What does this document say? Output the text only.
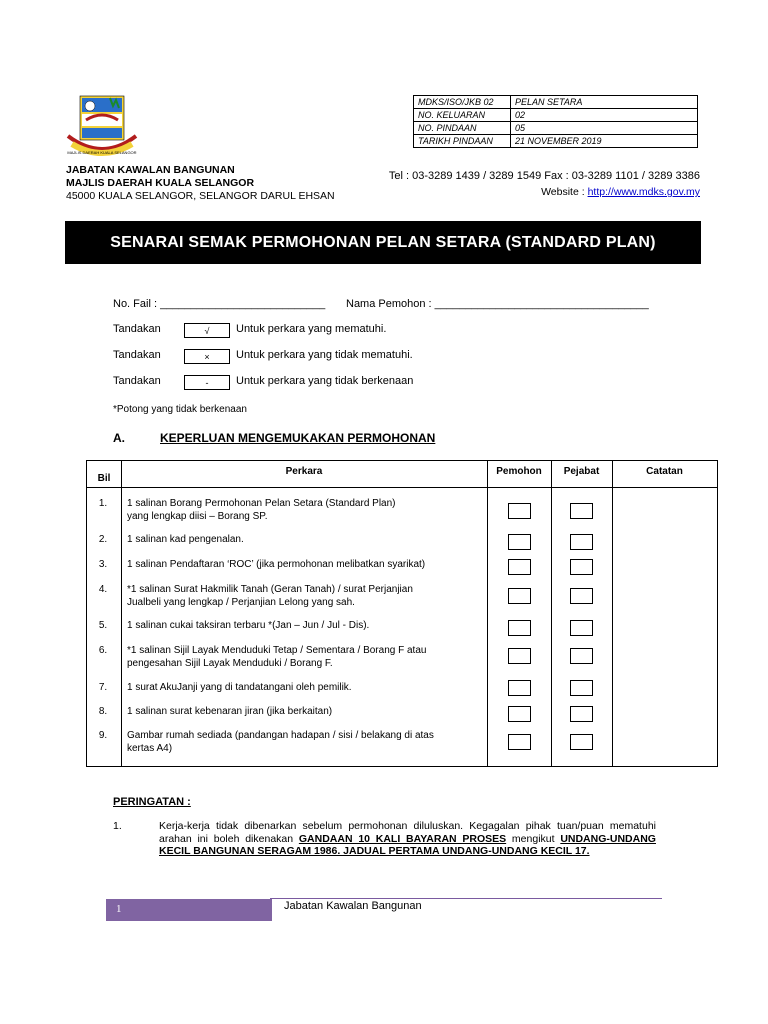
MAJLIS DAERAH KUALA SELANGOR
MDKS/ISO/JKB 02	PELAN SETARA
NO. KELUARAN	02
NO. PINDAAN	05
TARIKH PINDAAN	21 NOVEMBER 2019
JABATAN KAWALAN BANGUNAN
MAJLIS DAERAH KUALA SELANGOR
45000 KUALA SELANGOR, SELANGOR DARUL EHSAN
Tel : 03-3289 1439 / 3289 1549 Fax : 03-3289 1101 / 3289 3386
Website : http://www.mdks.gov.my
SENARAI SEMAK PERMOHONAN PELAN SETARA (STANDARD PLAN)
No. Fail : ___________________________ Nama Pemohon : ___________________________________
Tandakan	√ Untuk perkara yang mematuhi.
Tandakan	× Untuk perkara yang tidak mematuhi.
Tandakan	-	Untuk perkara yang tidak berkenaan
*Potong yang tidak berkenaan
A.	KEPERLUAN MENGEMUKAKAN PERMOHONAN
Bil
Perkara	Pemohon	Pejabat	Catatan
1.	1 salinan Borang Permohonan Pelan Setara (Standard Plan)
yang lengkap diisi – Borang SP.
2.	1 salinan kad pengenalan.
3.	1 salinan Pendaftaran ‘ROC’ (jika permohonan melibatkan syarikat)
4.	*1 salinan Surat Hakmilik Tanah (Geran Tanah) / surat Perjanjian
Jualbeli yang lengkap / Perjanjian Lelong yang sah.
5.	1 salinan cukai taksiran terbaru *(Jan – Jun / Jul - Dis).
6.	*1 salinan Sijil Layak Menduduki Tetap / Sementara / Borang F atau
pengesahan Sijil Layak Menduduki / Borang F.
7.	1 surat AkuJanji yang di tandatangani oleh pemilik.
8.	1 salinan surat kebenaran jiran (jika berkaitan)
9.	Gambar rumah sediada (pandangan hadapan / sisi / belakang di atas
kertas A4)
PERINGATAN :
1.	Kerja-kerja tidak dibenarkan sebelum permohonan diluluskan. Kegagalan pihak tuan/puan mematuhi arahan ini boleh dikenakan GANDAAN 10 KALI BAYARAN PROSES mengikut UNDANG-UNDANG KECIL BANGUNAN SERAGAM 1986. JADUAL PERTAMA UNDANG-UNDANG KECIL 17.
1	Jabatan Kawalan Bangunan
